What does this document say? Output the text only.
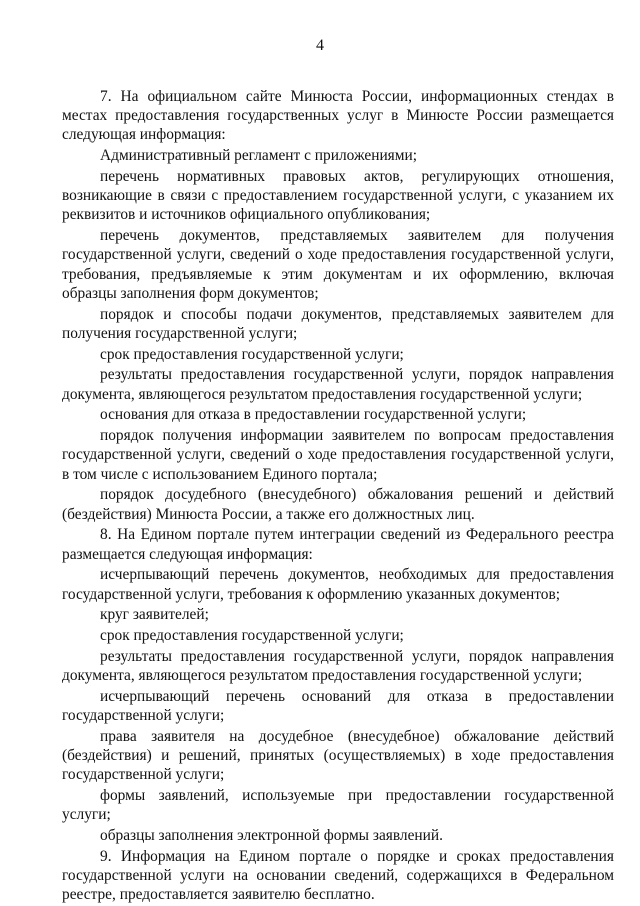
4

7. На официальном сайте Минюста России, информационных стендах в местах предоставления государственных услуг в Минюсте России размещается следующая информация:

Административный регламент с приложениями;

перечень нормативных правовых актов, регулирующих отношения, возникающие в связи с предоставлением государственной услуги, с указанием их реквизитов и источников официального опубликования;

перечень документов, представляемых заявителем для получения государственной услуги, сведений о ходе предоставления государственной услуги, требования, предъявляемые к этим документам и их оформлению, включая образцы заполнения форм документов;

порядок и способы подачи документов, представляемых заявителем для получения государственной услуги;

срок предоставления государственной услуги;

результаты предоставления государственной услуги, порядок направления документа, являющегося результатом предоставления государственной услуги;

основания для отказа в предоставлении государственной услуги;

порядок получения информации заявителем по вопросам предоставления государственной услуги, сведений о ходе предоставления государственной услуги, в том числе с использованием Единого портала;

порядок досудебного (внесудебного) обжалования решений и действий (бездействия) Минюста России, а также его должностных лиц.

8. На Едином портале путем интеграции сведений из Федерального реестра размещается следующая информация:

исчерпывающий перечень документов, необходимых для предоставления государственной услуги, требования к оформлению указанных документов;

круг заявителей;

срок предоставления государственной услуги;

результаты предоставления государственной услуги, порядок направления документа, являющегося результатом предоставления государственной услуги;

исчерпывающий перечень оснований для отказа в предоставлении государственной услуги;

права заявителя на досудебное (внесудебное) обжалование действий (бездействия) и решений, принятых (осуществляемых) в ходе предоставления государственной услуги;

формы заявлений, используемые при предоставлении государственной услуги;

образцы заполнения электронной формы заявлений.

9. Информация на Едином портале о порядке и сроках предоставления государственной услуги на основании сведений, содержащихся в Федеральном реестре, предоставляется заявителю бесплатно.
